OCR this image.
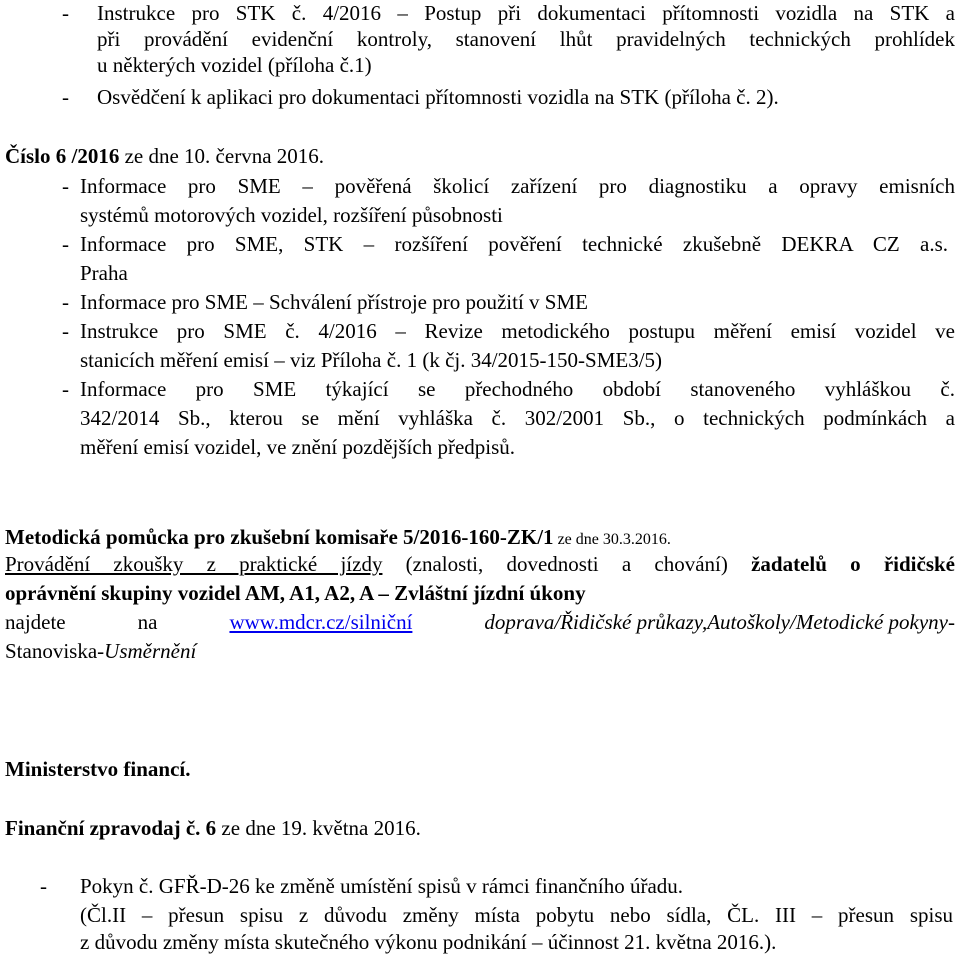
- Instrukce pro STK č. 4/2016 – Postup při dokumentaci přítomnosti vozidla na STK a
při provádění evidenční kontroly, stanovení lhůt pravidelných technických prohlídek
u některých vozidel (příloha č.1)
- Osvědčení k aplikaci pro dokumentaci přítomnosti vozidla na STK (příloha č. 2).
Číslo 6 /2016 ze dne 10. června 2016.
- Informace pro SME – pověřená školicí zařízení pro diagnostiku a opravy emisních
systémů motorových vozidel, rozšíření působnosti
- Informace pro SME, STK – rozšíření pověření technické zkušebně DEKRA CZ a.s.
Praha
- Informace pro SME – Schválení přístroje pro použití v SME
- Instrukce pro SME č. 4/2016 – Revize metodického postupu měření emisí vozidel ve
stanicích měření emisí – viz Příloha č. 1 (k čj. 34/2015-150-SME3/5)
- Informace pro SME týkající se přechodného období stanoveného vyhláškou č.
342/2014 Sb., kterou se mění vyhláška č. 302/2001 Sb., o technických podmínkách a
měření emisí vozidel, ve znění pozdějších předpisů.
Metodická pomůcka pro zkušební komisaře 5/2016-160-ZK/1 ze dne 30.3.2016.
Provádění zkoušky z praktické jízdy (znalosti, dovednosti a chování) žadatelů o řidičské
oprávnění skupiny vozidel AM, A1, A2, A – Zvláštní jízdní úkony
najdete	na	www.mdcr.cz/silniční	doprava/Řidičské průkazy,Autoškoly/Metodické pokyny-
Stanoviska-Usměrnění
Ministerstvo financí.
Finanční zpravodaj č. 6 ze dne 19. května 2016.
- Pokyn č. GFŘ-D-26 ke změně umístění spisů v rámci finančního úřadu.
(Čl.II – přesun spisu z důvodu změny místa pobytu nebo sídla, ČL. III – přesun spisu
z důvodu změny místa skutečného výkonu podnikání – účinnost 21. května 2016.).
